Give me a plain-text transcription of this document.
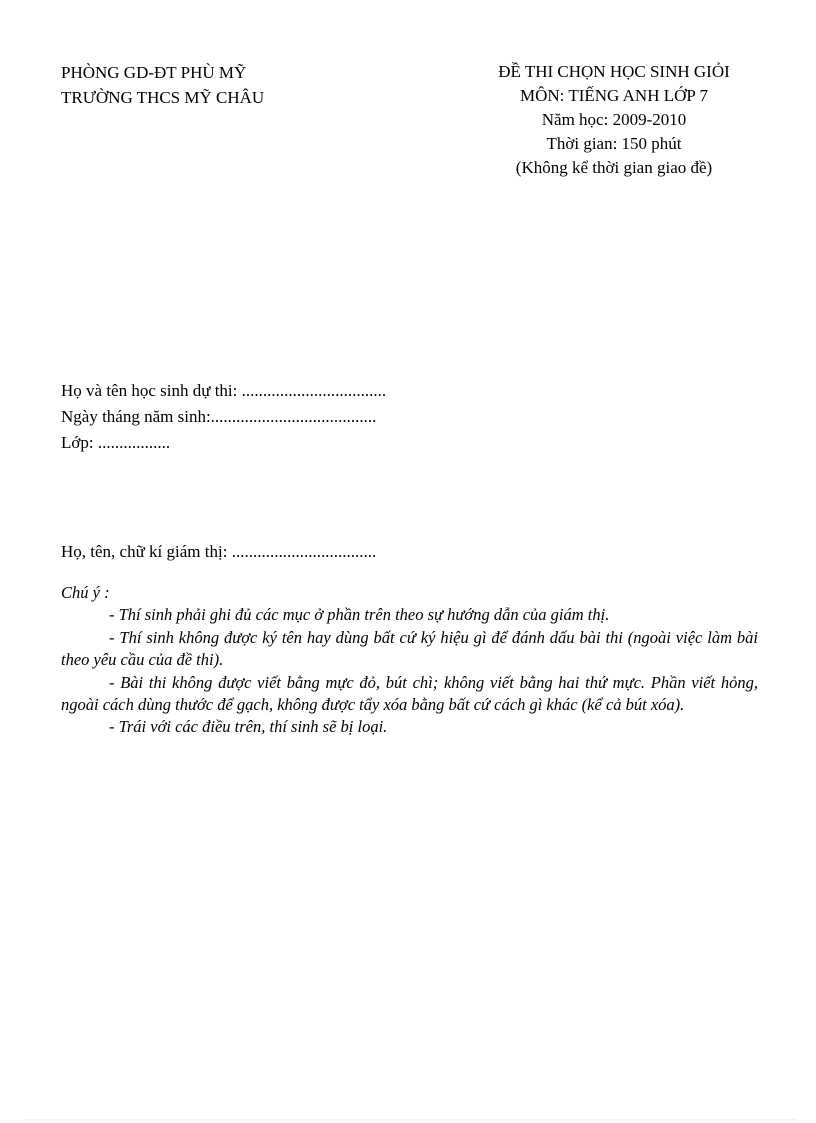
PHÒNG GD-ĐT PHÙ MỸ
TRƯỜNG THCS MỸ CHÂU
ĐỀ THI CHỌN HỌC SINH GIỎI
MÔN: TIẾNG ANH LỚP 7
Năm học: 2009-2010
Thời gian: 150 phút
(Không kể thời gian giao đề)
Họ và tên học sinh dự thi: ..................................
Ngày tháng năm sinh:.......................................
Lớp: .................
Họ, tên, chữ kí giám thị: ..................................

Chú ý :

- Thí sinh phải ghi đủ các mục ở phần trên theo sự hướng dẫn của giám thị.

- Thí sinh không được ký tên hay dùng bất cứ ký hiệu gì để đánh dấu bài thi (ngoài việc làm bài theo yêu cầu của đề thi).

- Bài thi không được viết bằng mực đỏ, bút chì; không viết bằng hai thứ mực. Phần viết hỏng, ngoài cách dùng thước để gạch, không được tẩy xóa bằng bất cứ cách gì khác (kể cả bút xóa).

- Trái với các điều trên, thí sinh sẽ bị loại.
